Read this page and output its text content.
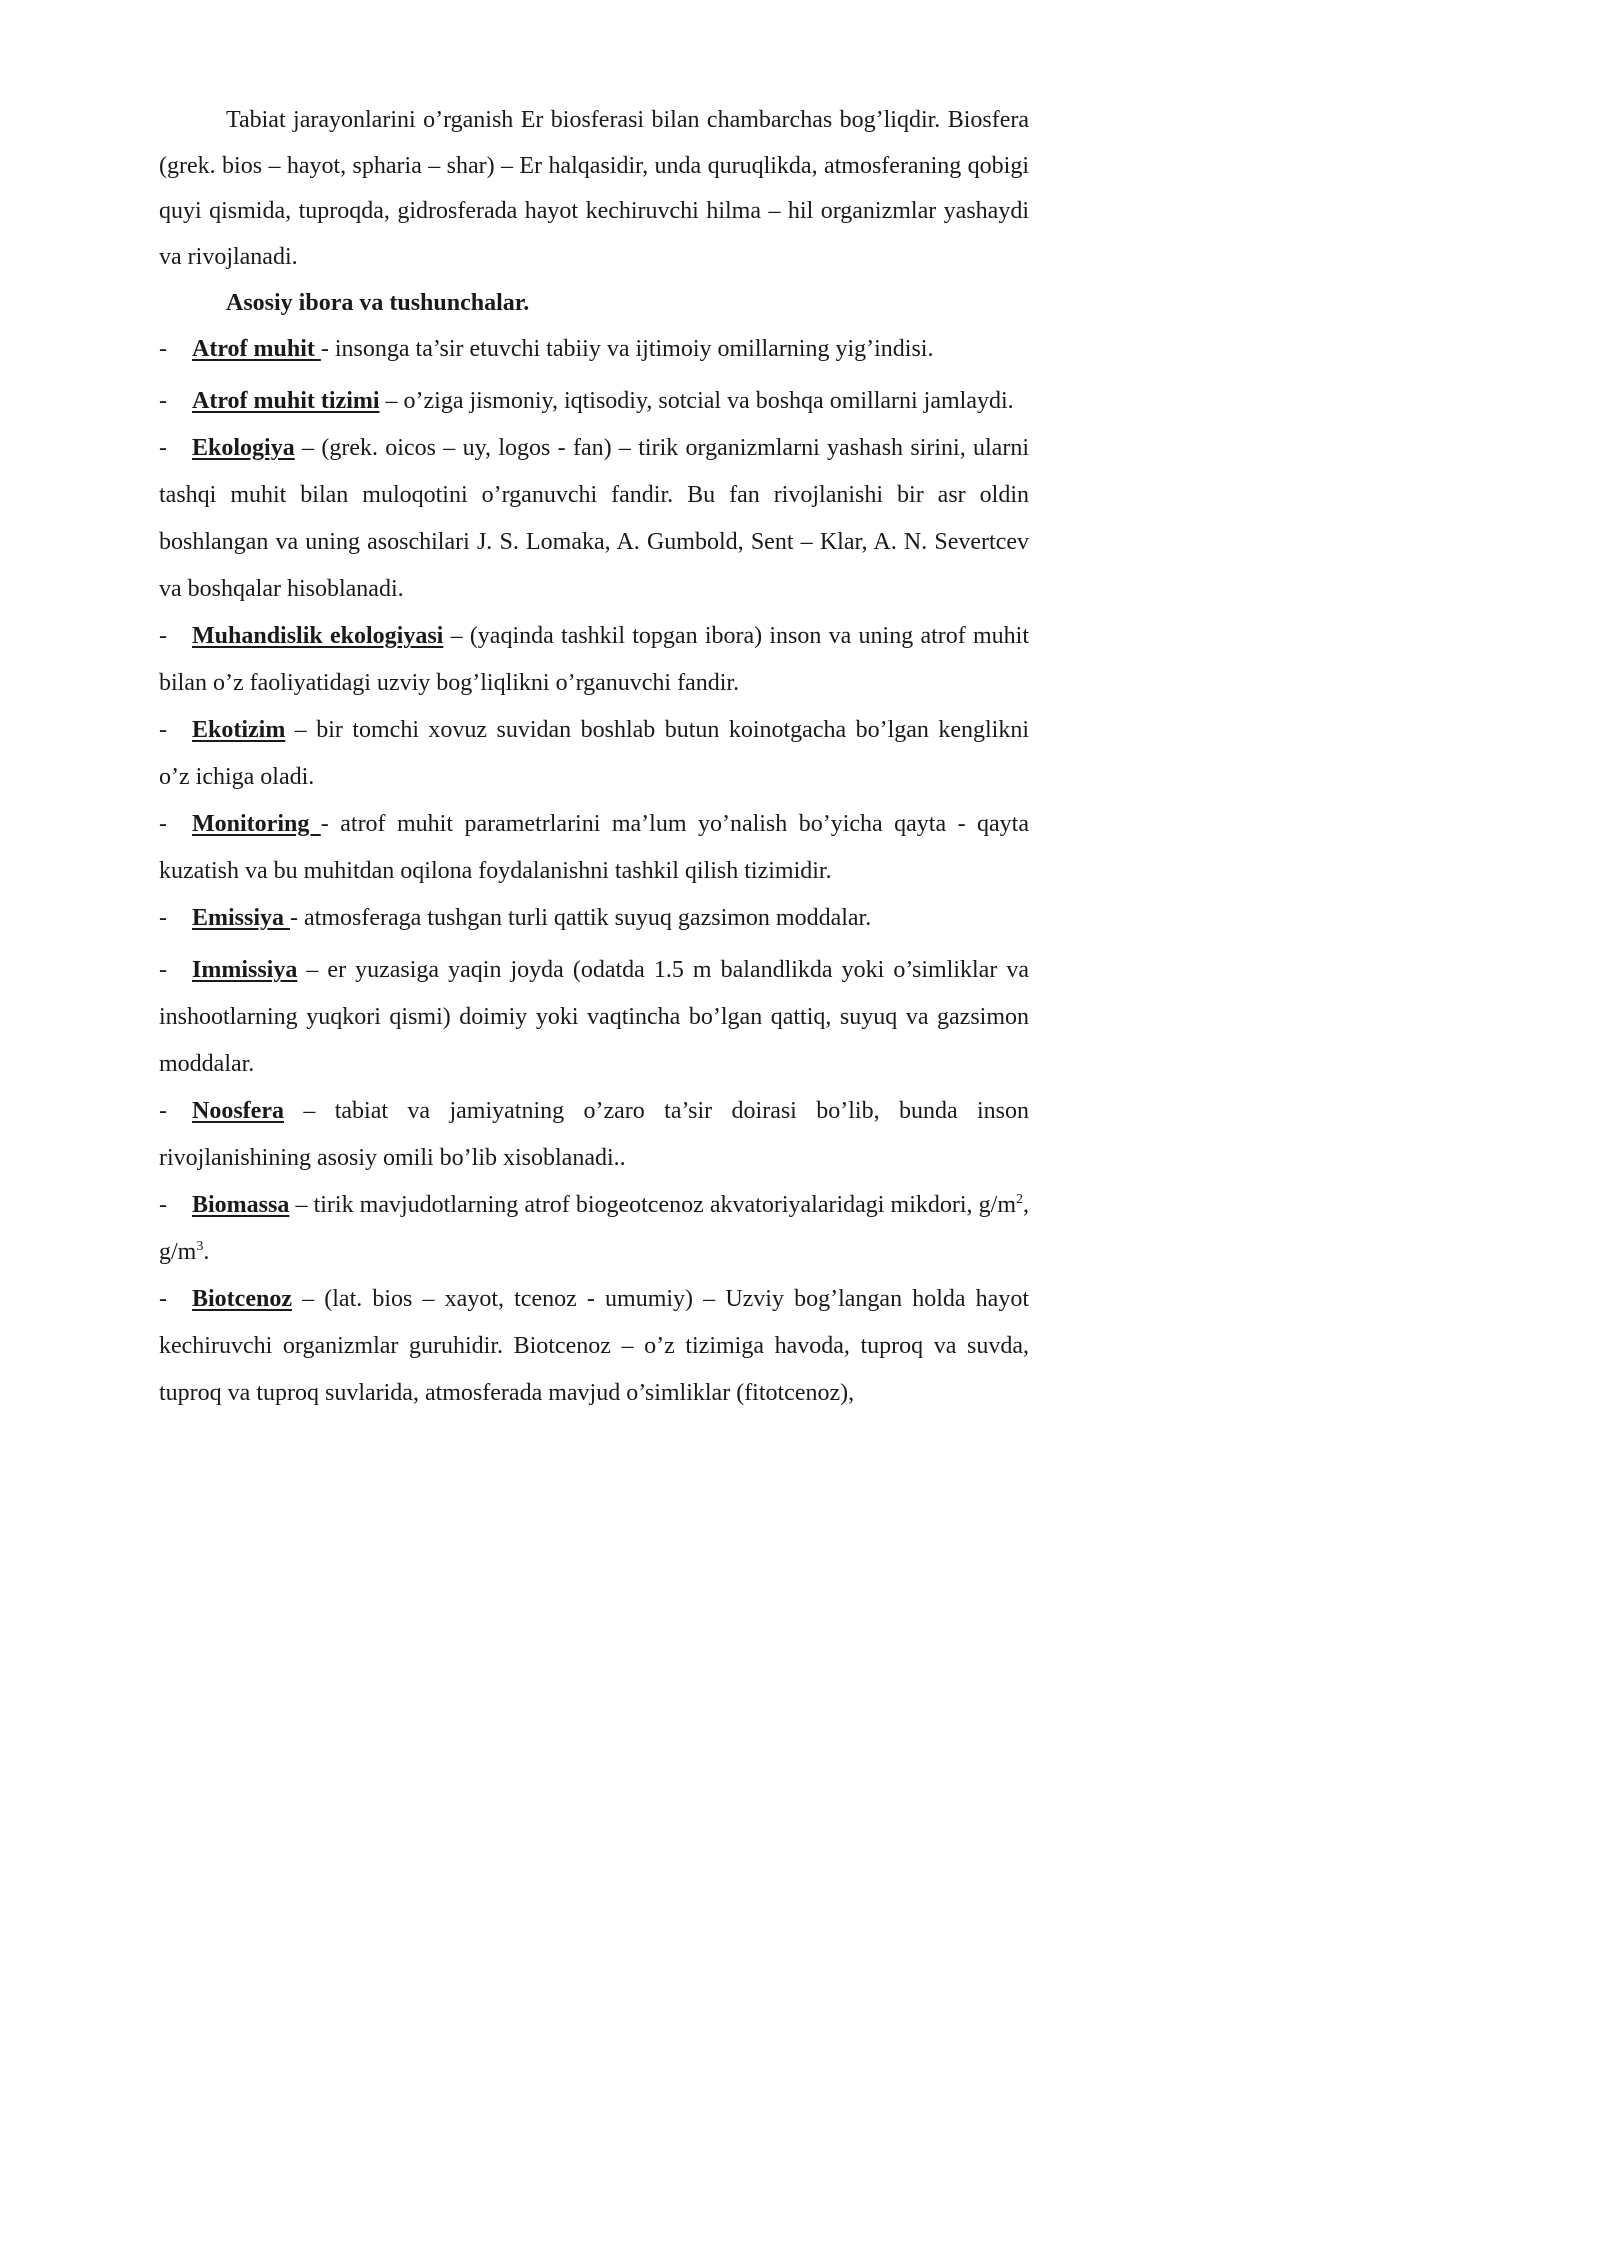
Tabiat jarayonlarini o’rganish Er biosferasi bilan chambarchas bog’liqdir. Biosfera (grek. bios – hayot, spharia – shar) – Er halqasidir, unda quruqlikda, atmosferaning qobigi quyi qismida, tuproqda, gidrosferada hayot kechiruvchi hilma – hil organizmlar yashaydi va rivojlanadi.

Asosiy ibora va tushunchalar.

- Atrof muhit - insonga ta’sir etuvchi tabiiy va ijtimoiy omillarning yig’indisi.

- Atrof muhit tizimi – o’ziga jismoniy, iqtisodiy, sotcial va boshqa omillarni jamlaydi.

- Ekologiya – (grek. oicos – uy, logos - fan) – tirik organizmlarni yashash sirini, ularni tashqi muhit bilan muloqotini o’rganuvchi fandir. Bu fan rivojlanishi bir asr oldin boshlangan va uning asoschilari J. S. Lomaka, A. Gumbold, Sent – Klar, A. N. Severtcev va boshqalar hisoblanadi.

- Muhandislik ekologiyasi – (yaqinda tashkil topgan ibora) inson va uning atrof muhit bilan o’z faoliyatidagi uzviy bog’liqlikni o’rganuvchi fandir.

- Ekotizim – bir tomchi xovuz suvidan boshlab butun koinotgacha bo’lgan kenglikni o’z ichiga oladi.

- Monitoring - atrof muhit parametrlarini ma’lum yo’nalish bo’yicha qayta - qayta kuzatish va bu muhitdan oqilona foydalanishni tashkil qilish tizimidir.

- Emissiya - atmosferaga tushgan turli qattik suyuq gazsimon moddalar.

- Immissiya – er yuzasiga yaqin joyda (odatda 1.5 m balandlikda yoki o’simliklar va inshootlarning yuqkori qismi) doimiy yoki vaqtincha bo’lgan qattiq, suyuq va gazsimon moddalar.

- Noosfera – tabiat va jamiyatning o’zaro ta’sir doirasi bo’lib, bunda inson rivojlanishining asosiy omili bo’lib xisoblanadi..

- Biomassa – tirik mavjudotlarning atrof biogeotcenoz akvatoriyalaridagi mikdori, $g/m^2$, $g/m^3$.

- Biotcenoz – (lat. bios – xayot, tcenoz - umumiy) – Uzviy bog’langan holda hayot kechiruvchi organizmlar guruhidir. Biotcenoz – o’z tizimiga havoda, tuproq va suvda, tuproq va tuproq suvlarida, atmosferada mavjud o’simliklar (fitotcenoz),
